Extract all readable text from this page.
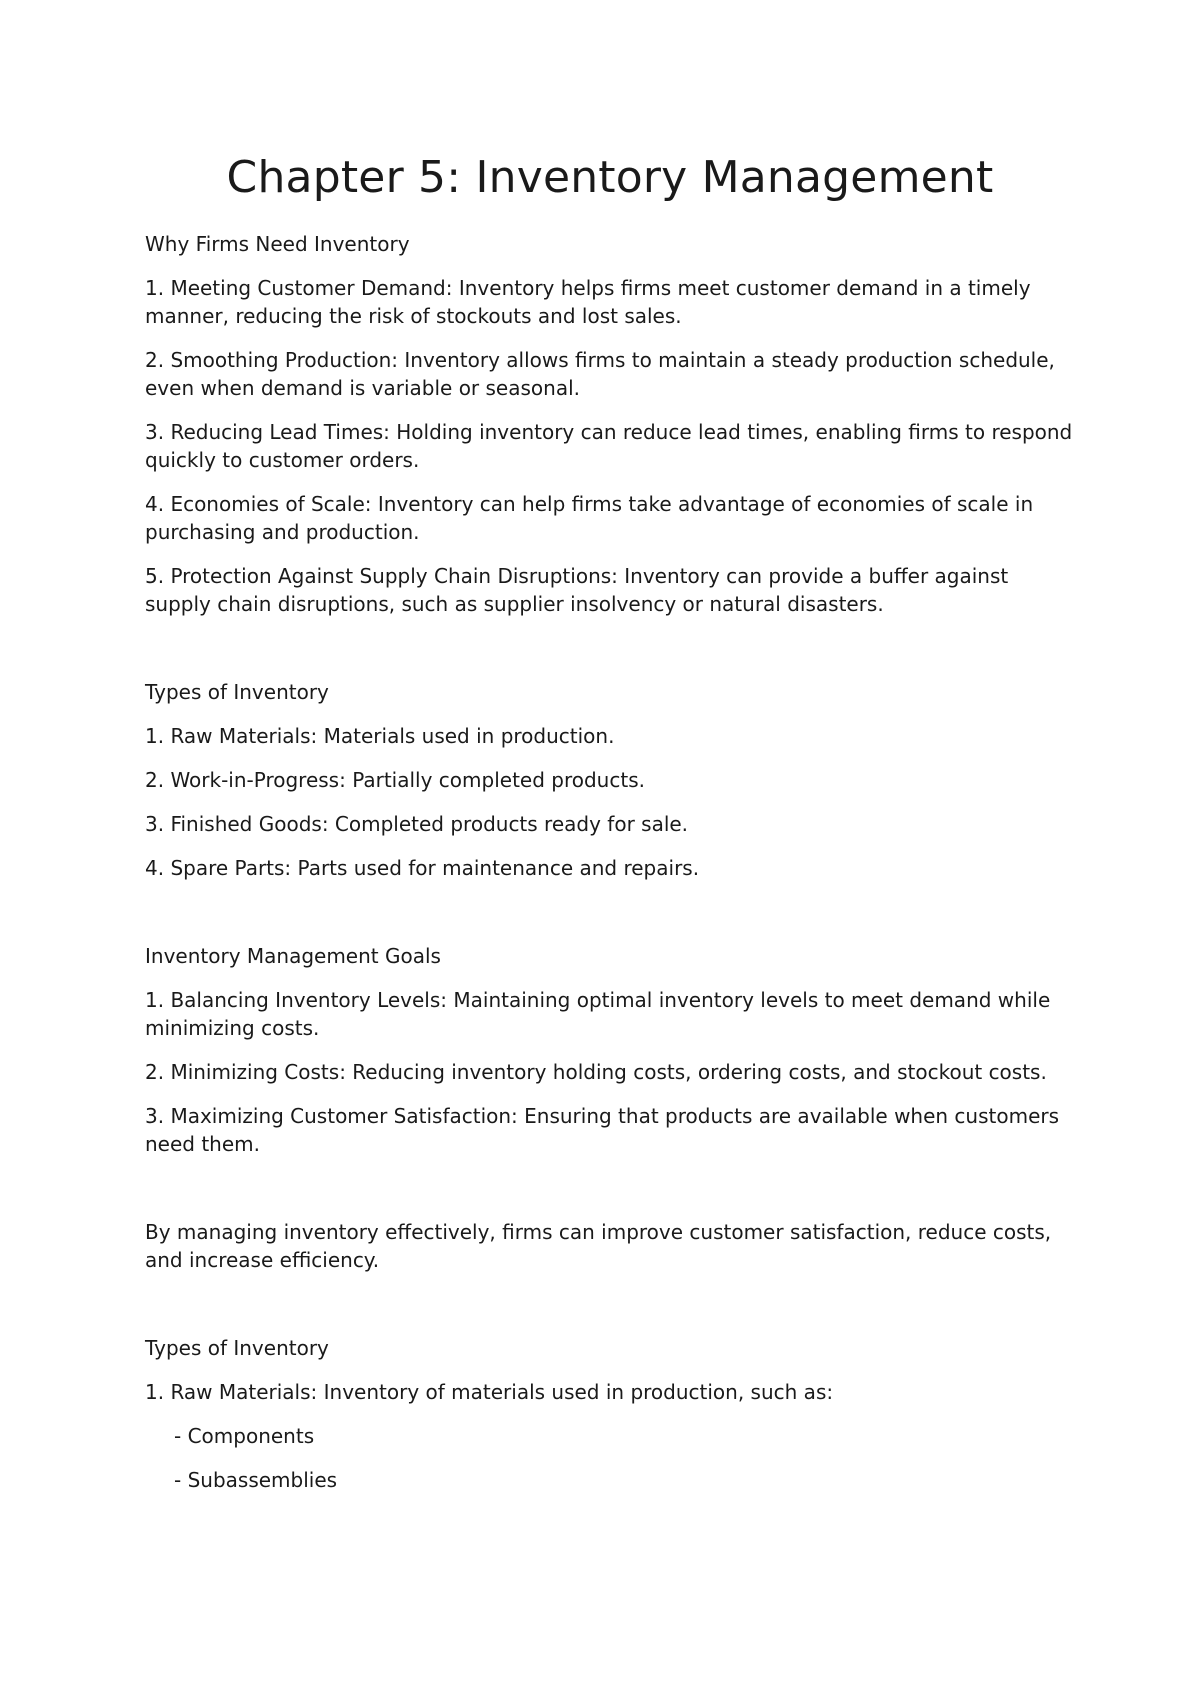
Chapter 5: Inventory Management
Why Firms Need Inventory
1. Meeting Customer Demand: Inventory helps firms meet customer demand in a timely manner, reducing the risk of stockouts and lost sales.
2. Smoothing Production: Inventory allows firms to maintain a steady production schedule, even when demand is variable or seasonal.
3. Reducing Lead Times: Holding inventory can reduce lead times, enabling firms to respond quickly to customer orders.
4. Economies of Scale: Inventory can help firms take advantage of economies of scale in purchasing and production.
5. Protection Against Supply Chain Disruptions: Inventory can provide a buffer against supply chain disruptions, such as supplier insolvency or natural disasters.
Types of Inventory
1. Raw Materials: Materials used in production.
2. Work-in-Progress: Partially completed products.
3. Finished Goods: Completed products ready for sale.
4. Spare Parts: Parts used for maintenance and repairs.
Inventory Management Goals
1. Balancing Inventory Levels: Maintaining optimal inventory levels to meet demand while minimizing costs.
2. Minimizing Costs: Reducing inventory holding costs, ordering costs, and stockout costs.
3. Maximizing Customer Satisfaction: Ensuring that products are available when customers need them.
By managing inventory effectively, firms can improve customer satisfaction, reduce costs, and increase efficiency.
Types of Inventory
1. Raw Materials: Inventory of materials used in production, such as:
- Components
- Subassemblies
